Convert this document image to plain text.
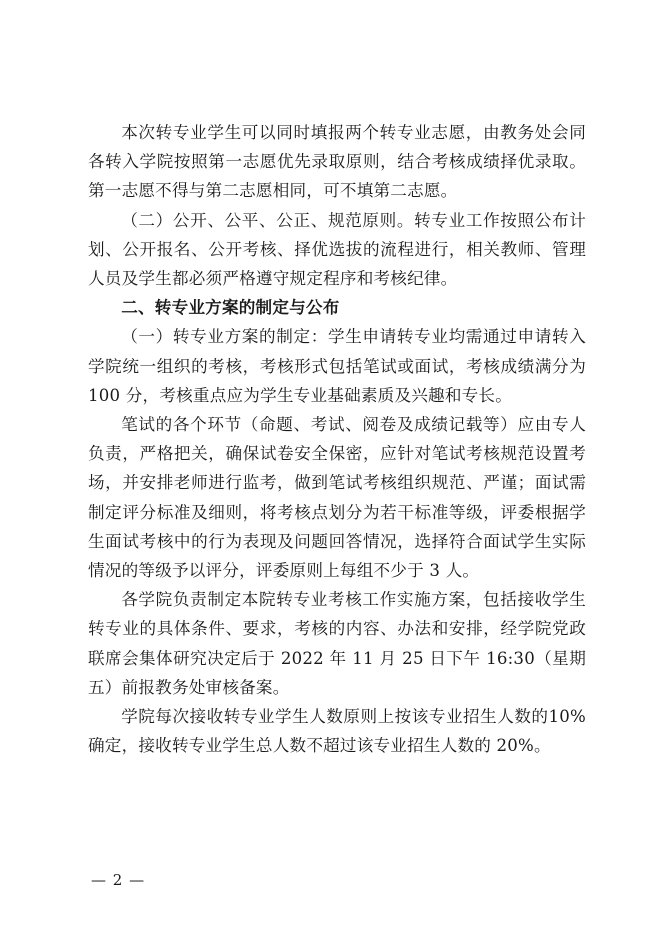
本次转专业学生可以同时填报两个转专业志愿，由教务处会同各转入学院按照第一志愿优先录取原则，结合考核成绩择优录取。第一志愿不得与第二志愿相同，可不填第二志愿。

（二）公开、公平、公正、规范原则。转专业工作按照公布计划、公开报名、公开考核、择优选拔的流程进行，相关教师、管理人员及学生都必须严格遵守规定程序和考核纪律。

二、转专业方案的制定与公布

（一）转专业方案的制定：学生申请转专业均需通过申请转入学院统一组织的考核，考核形式包括笔试或面试，考核成绩满分为 100 分，考核重点应为学生专业基础素质及兴趣和专长。

笔试的各个环节（命题、考试、阅卷及成绩记载等）应由专人负责，严格把关，确保试卷安全保密，应针对笔试考核规范设置考场，并安排老师进行监考，做到笔试考核组织规范、严谨；面试需制定评分标准及细则，将考核点划分为若干标准等级，评委根据学生面试考核中的行为表现及问题回答情况，选择符合面试学生实际情况的等级予以评分，评委原则上每组不少于 3 人。

各学院负责制定本院转专业考核工作实施方案，包括接收学生转专业的具体条件、要求，考核的内容、办法和安排，经学院党政联席会集体研究决定后于 2022 年 11 月 25 日下午 16:30（星期五）前报教务处审核备案。

学院每次接收转专业学生人数原则上按该专业招生人数的10%确定，接收转专业学生总人数不超过该专业招生人数的 20%。

— 2 —
